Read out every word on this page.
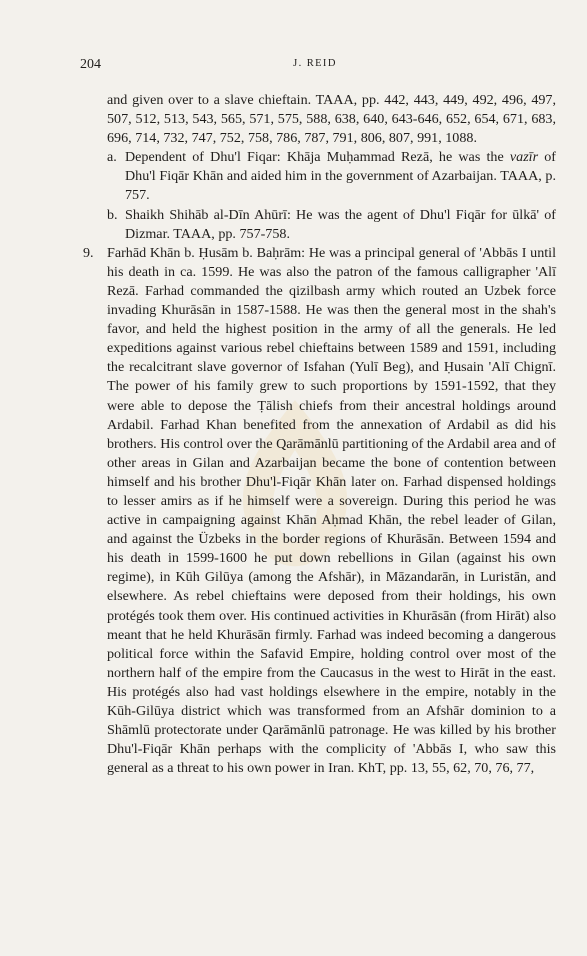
204	J. REID

and given over to a slave chieftain. TAAA, pp. 442, 443, 449, 492, 496, 497, 507, 512, 513, 543, 565, 571, 575, 588, 638, 640, 643-646, 652, 654, 671, 683, 696, 714, 732, 747, 752, 758, 786, 787, 791, 806, 807, 991, 1088.

a. Dependent of Dhu'l Fiqar: Khāja Muḥammad Rezā, he was the vazīr of Dhu'l Fiqār Khān and aided him in the government of Azarbaijan. TAAA, p. 757.

b. Shaikh Shihāb al-Dīn Ahūrī: He was the agent of Dhu'l Fiqār for ūlkā' of Dizmar. TAAA, pp. 757-758.

9. Farhād Khān b. Ḥusām b. Baḥrām: He was a principal general of 'Abbās I until his death in ca. 1599. He was also the patron of the famous calligrapher 'Alī Rezā. Farhad commanded the qizilbash army which routed an Uzbek force invading Khurāsān in 1587-1588. He was then the general most in the shah's favor, and held the highest position in the army of all the generals. He led expeditions against various rebel chieftains between 1589 and 1591, including the recalcitrant slave governor of Isfahan (Yulī Beg), and Ḥusain 'Alī Chignī. The power of his family grew to such proportions by 1591-1592, that they were able to depose the Ṭālish chiefs from their ancestral holdings around Ardabil. Farhad Khan benefited from the annexation of Ardabil as did his brothers. His control over the Qarāmānlū partitioning of the Ardabil area and of other areas in Gilan and Azarbaijan became the bone of contention between himself and his brother Dhu'l-Fiqār Khān later on. Farhad dispensed holdings to lesser amirs as if he himself were a sovereign. During this period he was active in campaigning against Khān Aḥmad Khān, the rebel leader of Gilan, and against the Üzbeks in the border regions of Khurāsān. Between 1594 and his death in 1599-1600 he put down rebellions in Gilan (against his own regime), in Kūh Gilūya (among the Afshār), in Māzandarān, in Luristān, and elsewhere. As rebel chieftains were deposed from their holdings, his own protégés took them over. His continued activities in Khurāsān (from Hirāt) also meant that he held Khurāsān firmly. Farhad was indeed becoming a dangerous political force within the Safavid Empire, holding control over most of the northern half of the empire from the Caucasus in the west to Hirāt in the east. His protégés also had vast holdings elsewhere in the empire, notably in the Kūh-Gilūya district which was transformed from an Afshār dominion to a Shāmlū protectorate under Qarāmānlū patronage. He was killed by his brother Dhu'l-Fiqār Khān perhaps with the complicity of 'Abbās I, who saw this general as a threat to his own power in Iran. KhT, pp. 13, 55, 62, 70, 76, 77,
